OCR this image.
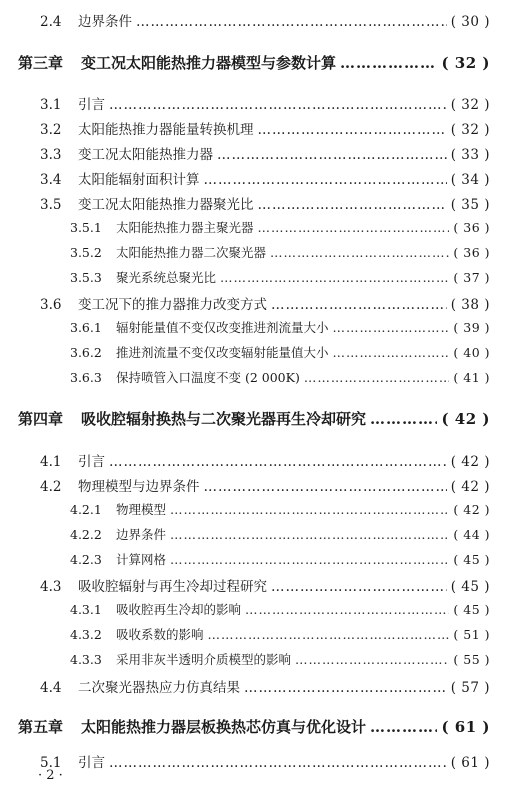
2.4	边界条件 …………………………………………………………………………………………………………………………………………………	( 30 )
第三章 变工况太阳能热推力器模型与参数计算 …………………………………………………………………………………………………………………………………………………	( 32 )
3.1	引言 …………………………………………………………………………………………………………………………………………………	( 32 )
3.2	太阳能热推力器能量转换机理 …………………………………………………………………………………………………………………………………………………	( 32 )
3.3	变工况太阳能热推力器 …………………………………………………………………………………………………………………………………………………	( 33 )
3.4	太阳能辐射面积计算 …………………………………………………………………………………………………………………………………………………	( 34 )
3.5	变工况太阳能热推力器聚光比 …………………………………………………………………………………………………………………………………………………	( 35 )
3.5.1	太阳能热推力器主聚光器 …………………………………………………………………………………………………………………………………………………	( 36 )
3.5.2	太阳能热推力器二次聚光器 …………………………………………………………………………………………………………………………………………………	( 36 )
3.5.3	聚光系统总聚光比 …………………………………………………………………………………………………………………………………………………	( 37 )
3.6	变工况下的推力器推力改变方式 …………………………………………………………………………………………………………………………………………………	( 38 )
3.6.1	辐射能量值不变仅改变推进剂流量大小 …………………………………………………………………………………………………………………………………………………	( 39 )
3.6.2	推进剂流量不变仅改变辐射能量值大小 …………………………………………………………………………………………………………………………………………………	( 40 )
3.6.3	保持喷管入口温度不变 (2 000K) …………………………………………………………………………………………………………………………………………………	( 41 )
第四章 吸收腔辐射换热与二次聚光器再生冷却研究 …………………………………………………………………………………………………………………………………………………	( 42 )
4.1	引言 …………………………………………………………………………………………………………………………………………………	( 42 )
4.2	物理模型与边界条件 …………………………………………………………………………………………………………………………………………………	( 42 )
4.2.1	物理模型 …………………………………………………………………………………………………………………………………………………	( 42 )
4.2.2	边界条件 …………………………………………………………………………………………………………………………………………………	( 44 )
4.2.3	计算网格 …………………………………………………………………………………………………………………………………………………	( 45 )
4.3	吸收腔辐射与再生冷却过程研究 …………………………………………………………………………………………………………………………………………………	( 45 )
4.3.1	吸收腔再生冷却的影响 …………………………………………………………………………………………………………………………………………………	( 45 )
4.3.2	吸收系数的影响 …………………………………………………………………………………………………………………………………………………	( 51 )
4.3.3	采用非灰半透明介质模型的影响 …………………………………………………………………………………………………………………………………………………	( 55 )
4.4	二次聚光器热应力仿真结果 …………………………………………………………………………………………………………………………………………………	( 57 )
第五章 太阳能热推力器层板换热芯仿真与优化设计 …………………………………………………………………………………………………………………………………………………	( 61 )
5.1	引言 …………………………………………………………………………………………………………………………………………………	( 61 )
· 2 ·
